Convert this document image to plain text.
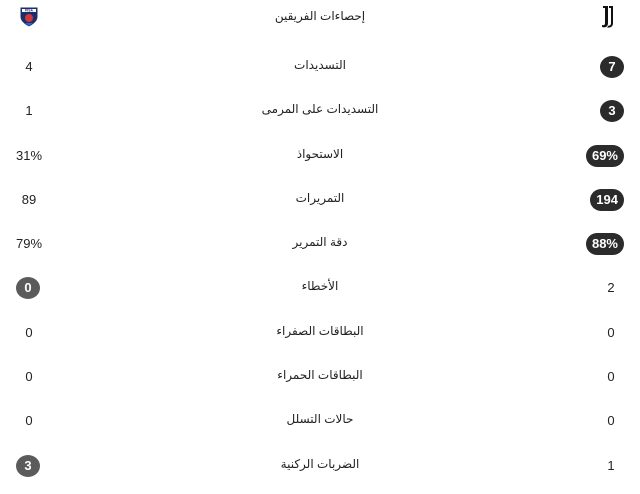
PISA	إحصاءات الفريقين
4	التسديدات	7
1	التسديدات على المرمى	3
31%	الاستحواذ	69%
89	التمريرات	194
79%	دقة التمرير	88%
0	الأخطاء	2
0	البطاقات الصفراء	0
0	البطاقات الحمراء	0
0	حالات التسلل	0
3	الضربات الركنية	1
